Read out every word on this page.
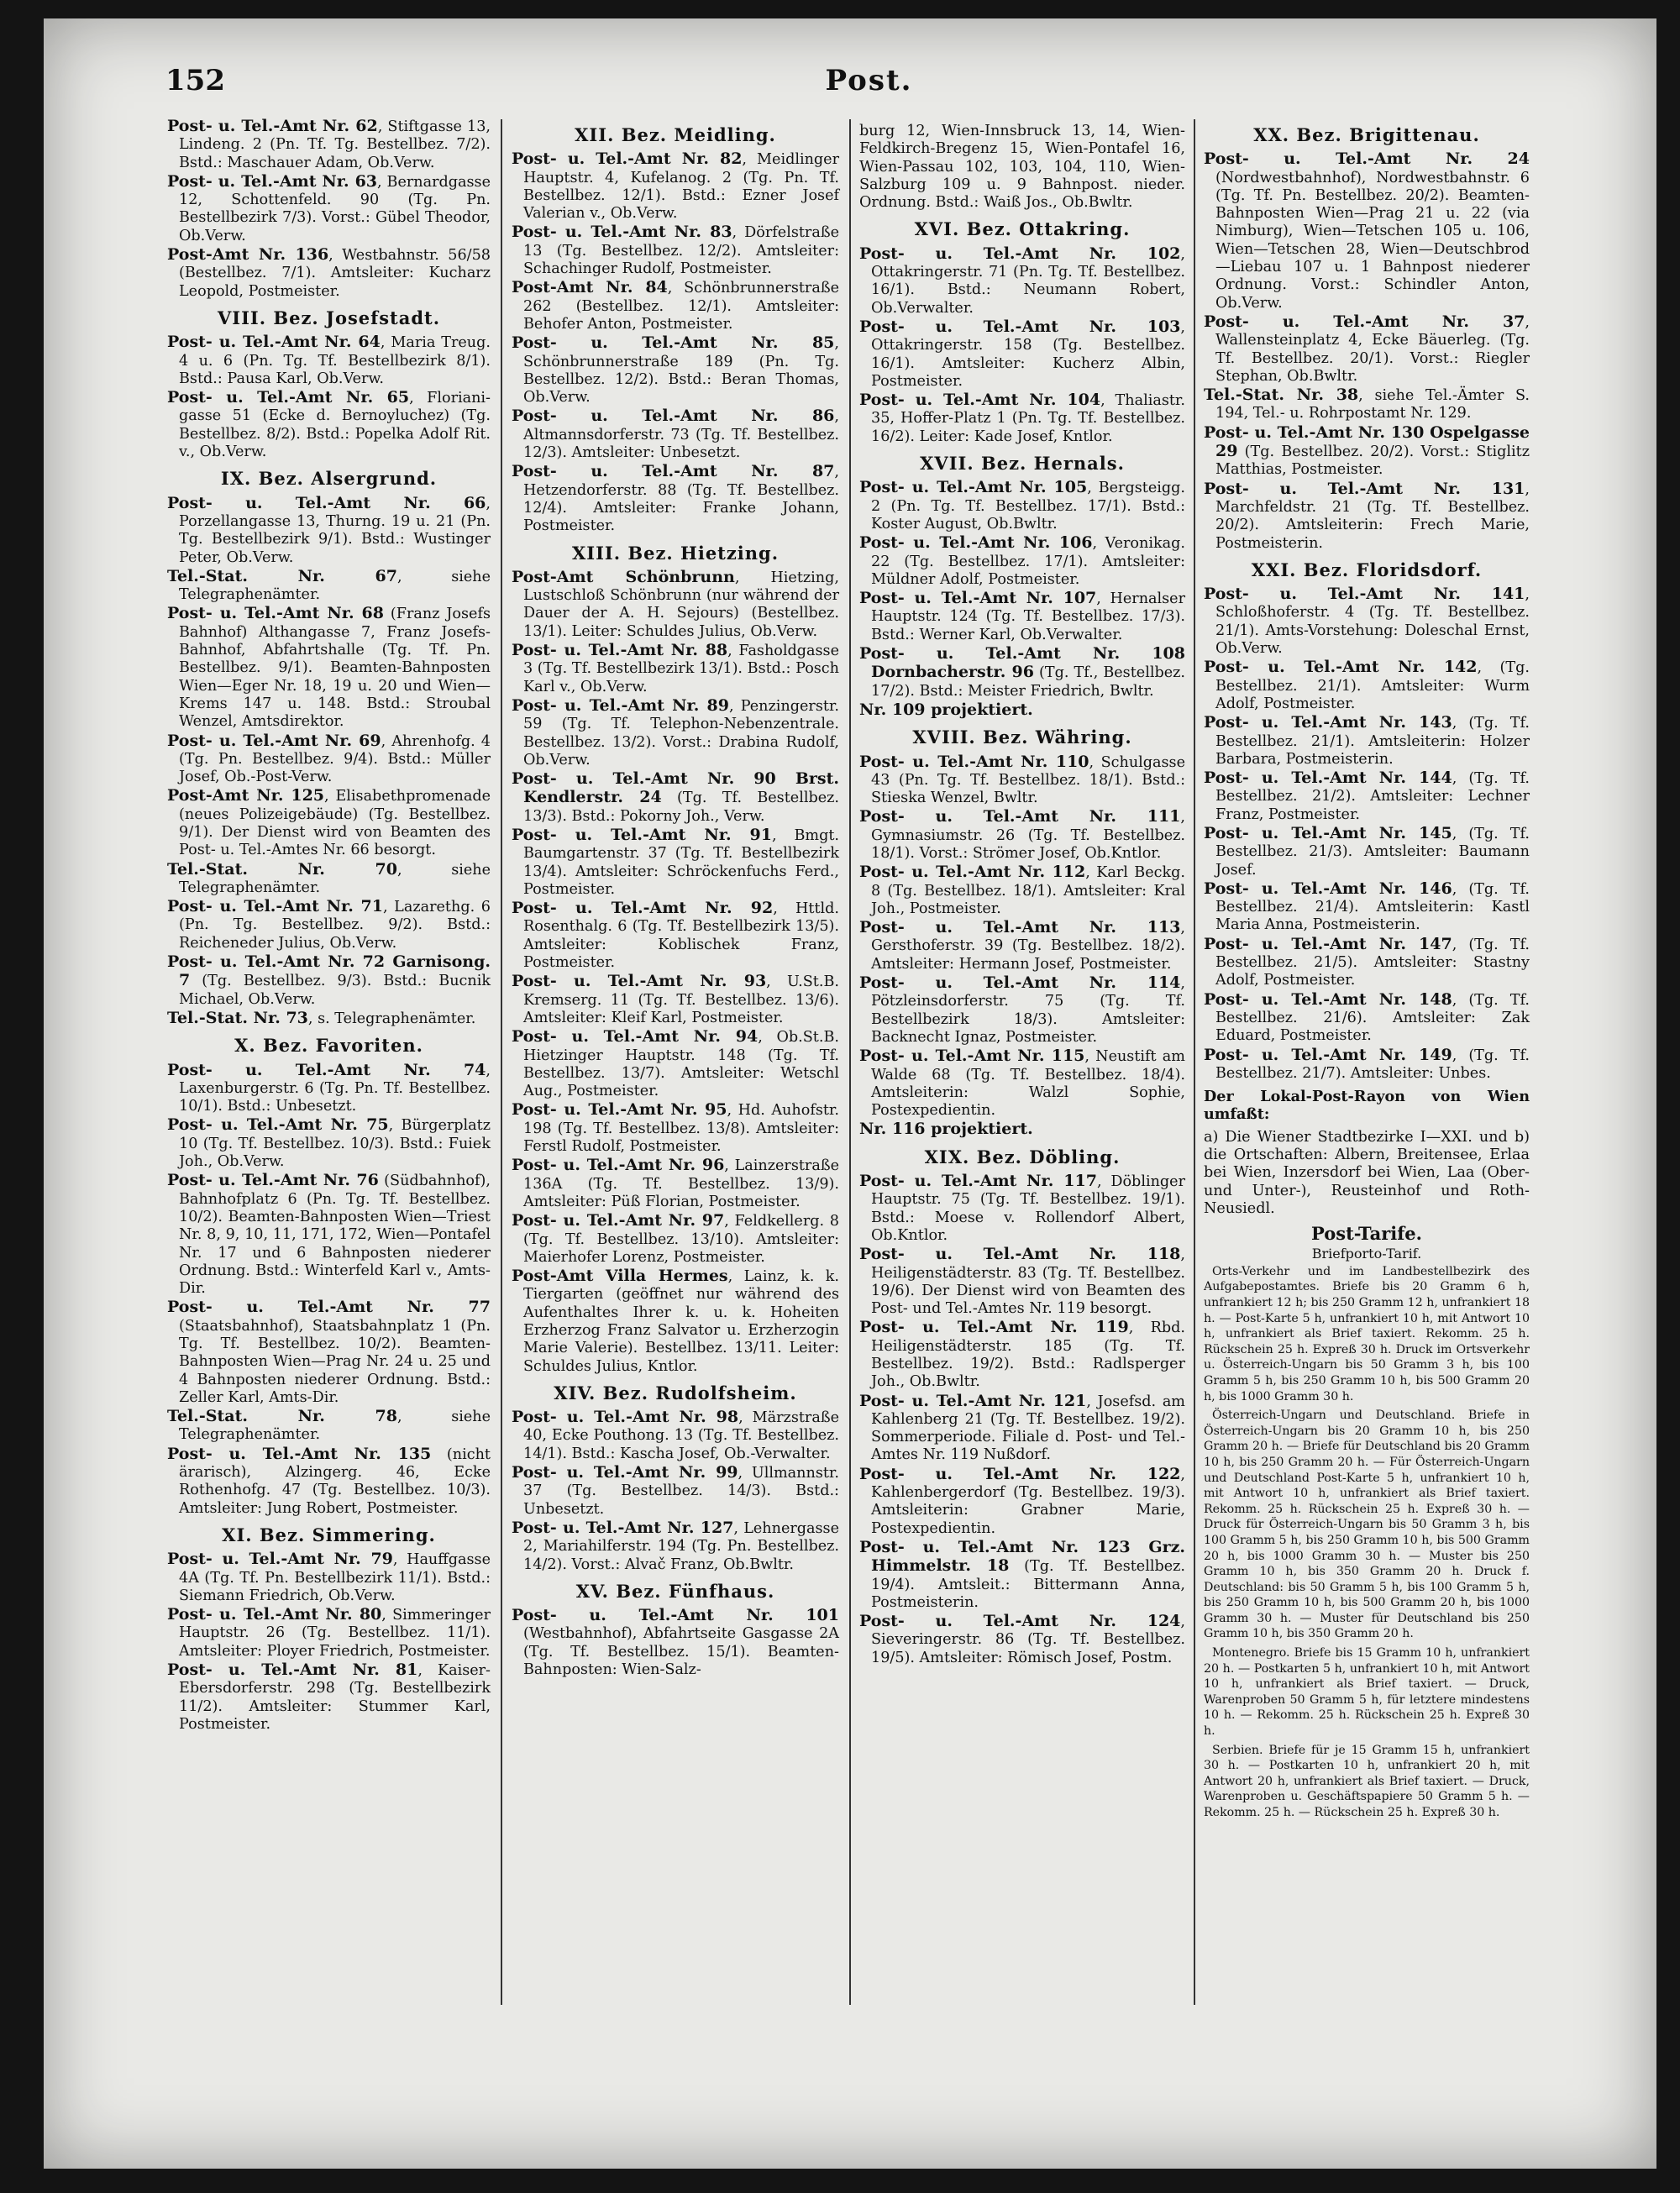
152	Post.
Post- u. Tel.-Amt Nr. 62, Stiftgasse 13, Lindeng. 2 (Pn. Tf. Tg. Bestellbez. 7/2). Bstd.: Maschauer Adam, Ob.Verw.
Post- u. Tel.-Amt Nr. 63, Bernardgasse 12, Schottenfeld. 90 (Tg. Pn. Bestellbezirk 7/3). Vorst.: Gübel Theodor, Ob.Verw.
Post-Amt Nr. 136, Westbahnstr. 56/58 (Bestellbez. 7/1). Amtsleiter: Kucharz Leopold, Postmeister.
VIII. Bez. Josefstadt.
Post- u. Tel.-Amt Nr. 64, Maria Treug. 4 u. 6 (Pn. Tg. Tf. Bestellbezirk 8/1). Bstd.: Pausa Karl, Ob.Verw.
Post- u. Tel.-Amt Nr. 65, Floriani-gasse 51 (Ecke d. Bernoyluchez) (Tg. Bestellbez. 8/2). Bstd.: Popelka Adolf Rit. v., Ob.Verw.
IX. Bez. Alsergrund.
Post- u. Tel.-Amt Nr. 66, Porzellangasse 13, Thurng. 19 u. 21 (Pn. Tg. Bestellbezirk 9/1). Bstd.: Wustinger Peter, Ob.Verw.
Tel.-Stat. Nr. 67, siehe Telegraphenämter.
Post- u. Tel.-Amt Nr. 68 (Franz Josefs Bahnhof) Althangasse 7, Franz Josefs-Bahnhof, Abfahrtshalle (Tg. Tf. Pn. Bestellbez. 9/1). Beamten-Bahnposten Wien—Eger Nr. 18, 19 u. 20 und Wien—Krems 147 u. 148. Bstd.: Stroubal Wenzel, Amtsdirektor.
Post- u. Tel.-Amt Nr. 69, Ahrenhofg. 4 (Tg. Pn. Bestellbez. 9/4). Bstd.: Müller Josef, Ob.-Post-Verw.
Post-Amt Nr. 125, Elisabethpromenade (neues Polizeigebäude) (Tg. Bestellbez. 9/1). Der Dienst wird von Beamten des Post- u. Tel.-Amtes Nr. 66 besorgt.
Tel.-Stat. Nr. 70, siehe Telegraphenämter.
Post- u. Tel.-Amt Nr. 71, Lazarethg. 6 (Pn. Tg. Bestellbez. 9/2). Bstd.: Reicheneder Julius, Ob.Verw.
Post- u. Tel.-Amt Nr. 72 Garnisong. 7 (Tg. Bestellbez. 9/3). Bstd.: Bucnik Michael, Ob.Verw.
Tel.-Stat. Nr. 73, s. Telegraphenämter.
X. Bez. Favoriten.
Post- u. Tel.-Amt Nr. 74, Laxenburgerstr. 6 (Tg. Pn. Tf. Bestellbez. 10/1). Bstd.: Unbesetzt.
Post- u. Tel.-Amt Nr. 75, Bürgerplatz 10 (Tg. Tf. Bestellbez. 10/3). Bstd.: Fuiek Joh., Ob.Verw.
Post- u. Tel.-Amt Nr. 76 (Südbahnhof), Bahnhofplatz 6 (Pn. Tg. Tf. Bestellbez. 10/2). Beamten-Bahnposten Wien—Triest Nr. 8, 9, 10, 11, 171, 172, Wien—Pontafel Nr. 17 und 6 Bahnposten niederer Ordnung. Bstd.: Winterfeld Karl v., Amts-Dir.
Post- u. Tel.-Amt Nr. 77 (Staatsbahnhof), Staatsbahnplatz 1 (Pn. Tg. Tf. Bestellbez. 10/2). Beamten-Bahnposten Wien—Prag Nr. 24 u. 25 und 4 Bahnposten niederer Ordnung. Bstd.: Zeller Karl, Amts-Dir.
Tel.-Stat. Nr. 78, siehe Telegraphenämter.
Post- u. Tel.-Amt Nr. 135 (nicht ärarisch), Alzingerg. 46, Ecke Rothenhofg. 47 (Tg. Bestellbez. 10/3). Amtsleiter: Jung Robert, Postmeister.
XI. Bez. Simmering.
Post- u. Tel.-Amt Nr. 79, Hauffgasse 4A (Tg. Tf. Pn. Bestellbezirk 11/1). Bstd.: Siemann Friedrich, Ob.Verw.
Post- u. Tel.-Amt Nr. 80, Simmeringer Hauptstr. 26 (Tg. Bestellbez. 11/1). Amtsleiter: Ployer Friedrich, Postmeister.
Post- u. Tel.-Amt Nr. 81, Kaiser-Ebersdorferstr. 298 (Tg. Bestellbezirk 11/2). Amtsleiter: Stummer Karl, Postmeister.
XII. Bez. Meidling.
Post- u. Tel.-Amt Nr. 82, Meidlinger Hauptstr. 4, Kufelanog. 2 (Tg. Pn. Tf. Bestellbez. 12/1). Bstd.: Ezner Josef Valerian v., Ob.Verw.
Post- u. Tel.-Amt Nr. 83, Dörfelstraße 13 (Tg. Bestellbez. 12/2). Amtsleiter: Schachinger Rudolf, Postmeister.
Post-Amt Nr. 84, Schönbrunnerstraße 262 (Bestellbez. 12/1). Amtsleiter: Behofer Anton, Postmeister.
Post- u. Tel.-Amt Nr. 85, Schönbrunnerstraße 189 (Pn. Tg. Bestellbez. 12/2). Bstd.: Beran Thomas, Ob.Verw.
Post- u. Tel.-Amt Nr. 86, Altmannsdorferstr. 73 (Tg. Tf. Bestellbez. 12/3). Amtsleiter: Unbesetzt.
Post- u. Tel.-Amt Nr. 87, Hetzendorferstr. 88 (Tg. Tf. Bestellbez. 12/4). Amtsleiter: Franke Johann, Postmeister.
XIII. Bez. Hietzing.
Post-Amt Schönbrunn, Hietzing, Lustschloß Schönbrunn (nur während der Dauer der A. H. Sejours) (Bestellbez. 13/1). Leiter: Schuldes Julius, Ob.Verw.
Post- u. Tel.-Amt Nr. 88, Fasholdgasse 3 (Tg. Tf. Bestellbezirk 13/1). Bstd.: Posch Karl v., Ob.Verw.
Post- u. Tel.-Amt Nr. 89, Penzingerstr. 59 (Tg. Tf. Telephon-Nebenzentrale. Bestellbez. 13/2). Vorst.: Drabina Rudolf, Ob.Verw.
Post- u. Tel.-Amt Nr. 90 Brst. Kendlerstr. 24 (Tg. Tf. Bestellbez. 13/3). Bstd.: Pokorny Joh., Verw.
Post- u. Tel.-Amt Nr. 91, Bmgt. Baumgartenstr. 37 (Tg. Tf. Bestellbezirk 13/4). Amtsleiter: Schröckenfuchs Ferd., Postmeister.
Post- u. Tel.-Amt Nr. 92, Httld. Rosenthalg. 6 (Tg. Tf. Bestellbezirk 13/5). Amtsleiter: Koblischek Franz, Postmeister.
Post- u. Tel.-Amt Nr. 93, U.St.B. Kremserg. 11 (Tg. Tf. Bestellbez. 13/6). Amtsleiter: Kleif Karl, Postmeister.
Post- u. Tel.-Amt Nr. 94, Ob.St.B. Hietzinger Hauptstr. 148 (Tg. Tf. Bestellbez. 13/7). Amtsleiter: Wetschl Aug., Postmeister.
Post- u. Tel.-Amt Nr. 95, Hd. Auhofstr. 198 (Tg. Tf. Bestellbez. 13/8). Amtsleiter: Ferstl Rudolf, Postmeister.
Post- u. Tel.-Amt Nr. 96, Lainzerstraße 136A (Tg. Tf. Bestellbez. 13/9). Amtsleiter: Püß Florian, Postmeister.
Post- u. Tel.-Amt Nr. 97, Feldkellerg. 8 (Tg. Tf. Bestellbez. 13/10). Amtsleiter: Maierhofer Lorenz, Postmeister.
Post-Amt Villa Hermes, Lainz, k. k. Tiergarten (geöffnet nur während des Aufenthaltes Ihrer k. u. k. Hoheiten Erzherzog Franz Salvator u. Erzherzogin Marie Valerie). Bestellbez. 13/11. Leiter: Schuldes Julius, Kntlor.
XIV. Bez. Rudolfsheim.
Post- u. Tel.-Amt Nr. 98, Märzstraße 40, Ecke Pouthong. 13 (Tg. Tf. Bestellbez. 14/1). Bstd.: Kascha Josef, Ob.-Verwalter.
Post- u. Tel.-Amt Nr. 99, Ullmannstr. 37 (Tg. Bestellbez. 14/3). Bstd.: Unbesetzt.
Post- u. Tel.-Amt Nr. 127, Lehnergasse 2, Mariahilferstr. 194 (Tg. Pn. Bestellbez. 14/2). Vorst.: Alvač Franz, Ob.Bwltr.
XV. Bez. Fünfhaus.
Post- u. Tel.-Amt Nr. 101 (Westbahnhof), Abfahrtseite Gasgasse 2A (Tg. Tf. Bestellbez. 15/1). Beamten-Bahnposten: Wien-Salz-
burg 12, Wien-Innsbruck 13, 14, Wien-Feldkirch-Bregenz 15, Wien-Pontafel 16, Wien-Passau 102, 103, 104, 110, Wien-Salzburg 109 u. 9 Bahnpost. nieder. Ordnung. Bstd.: Waiß Jos., Ob.Bwltr.
XVI. Bez. Ottakring.
Post- u. Tel.-Amt Nr. 102, Ottakringerstr. 71 (Pn. Tg. Tf. Bestellbez. 16/1). Bstd.: Neumann Robert, Ob.Verwalter.
Post- u. Tel.-Amt Nr. 103, Ottakringerstr. 158 (Tg. Bestellbez. 16/1). Amtsleiter: Kucherz Albin, Postmeister.
Post- u. Tel.-Amt Nr. 104, Thaliastr. 35, Hoffer-Platz 1 (Pn. Tg. Tf. Bestellbez. 16/2). Leiter: Kade Josef, Kntlor.
XVII. Bez. Hernals.
Post- u. Tel.-Amt Nr. 105, Bergsteigg. 2 (Pn. Tg. Tf. Bestellbez. 17/1). Bstd.: Koster August, Ob.Bwltr.
Post- u. Tel.-Amt Nr. 106, Veronikag. 22 (Tg. Bestellbez. 17/1). Amtsleiter: Müldner Adolf, Postmeister.
Post- u. Tel.-Amt Nr. 107, Hernalser Hauptstr. 124 (Tg. Tf. Bestellbez. 17/3). Bstd.: Werner Karl, Ob.Verwalter.
Post- u. Tel.-Amt Nr. 108 Dornbacherstr. 96 (Tg. Tf., Bestellbez. 17/2). Bstd.: Meister Friedrich, Bwltr.
Nr. 109 projektiert.
XVIII. Bez. Währing.
Post- u. Tel.-Amt Nr. 110, Schulgasse 43 (Pn. Tg. Tf. Bestellbez. 18/1). Bstd.: Stieska Wenzel, Bwltr.
Post- u. Tel.-Amt Nr. 111, Gymnasiumstr. 26 (Tg. Tf. Bestellbez. 18/1). Vorst.: Strömer Josef, Ob.Kntlor.
Post- u. Tel.-Amt Nr. 112, Karl Beckg. 8 (Tg. Bestellbez. 18/1). Amtsleiter: Kral Joh., Postmeister.
Post- u. Tel.-Amt Nr. 113, Gersthoferstr. 39 (Tg. Bestellbez. 18/2). Amtsleiter: Hermann Josef, Postmeister.
Post- u. Tel.-Amt Nr. 114, Pötzleinsdorferstr. 75 (Tg. Tf. Bestellbezirk 18/3). Amtsleiter: Backnecht Ignaz, Postmeister.
Post- u. Tel.-Amt Nr. 115, Neustift am Walde 68 (Tg. Tf. Bestellbez. 18/4). Amtsleiterin: Walzl Sophie, Postexpedientin.
Nr. 116 projektiert.
XIX. Bez. Döbling.
Post- u. Tel.-Amt Nr. 117, Döblinger Hauptstr. 75 (Tg. Tf. Bestellbez. 19/1). Bstd.: Moese v. Rollendorf Albert, Ob.Kntlor.
Post- u. Tel.-Amt Nr. 118, Heiligenstädterstr. 83 (Tg. Tf. Bestellbez. 19/6). Der Dienst wird von Beamten des Post- und Tel.-Amtes Nr. 119 besorgt.
Post- u. Tel.-Amt Nr. 119, Rbd. Heiligenstädterstr. 185 (Tg. Tf. Bestellbez. 19/2). Bstd.: Radlsperger Joh., Ob.Bwltr.
Post- u. Tel.-Amt Nr. 121, Josefsd. am Kahlenberg 21 (Tg. Tf. Bestellbez. 19/2). Sommerperiode. Filiale d. Post- und Tel.-Amtes Nr. 119 Nußdorf.
Post- u. Tel.-Amt Nr. 122, Kahlenbergerdorf (Tg. Bestellbez. 19/3). Amtsleiterin: Grabner Marie, Postexpedientin.
Post- u. Tel.-Amt Nr. 123 Grz. Himmelstr. 18 (Tg. Tf. Bestellbez. 19/4). Amtsleit.: Bittermann Anna, Postmeisterin.
Post- u. Tel.-Amt Nr. 124, Sieveringerstr. 86 (Tg. Tf. Bestellbez. 19/5). Amtsleiter: Römisch Josef, Postm.
XX. Bez. Brigittenau.
Post- u. Tel.-Amt Nr. 24 (Nordwestbahnhof), Nordwestbahnstr. 6 (Tg. Tf. Pn. Bestellbez. 20/2). Beamten-Bahnposten Wien—Prag 21 u. 22 (via Nimburg), Wien—Tetschen 105 u. 106, Wien—Tetschen 28, Wien—Deutschbrod—Liebau 107 u. 1 Bahnpost niederer Ordnung. Vorst.: Schindler Anton, Ob.Verw.
Post- u. Tel.-Amt Nr. 37, Wallensteinplatz 4, Ecke Bäuerleg. (Tg. Tf. Bestellbez. 20/1). Vorst.: Riegler Stephan, Ob.Bwltr.
Tel.-Stat. Nr. 38, siehe Tel.-Ämter S. 194, Tel.- u. Rohrpostamt Nr. 129.
Post- u. Tel.-Amt Nr. 130 Ospelgasse 29 (Tg. Bestellbez. 20/2). Vorst.: Stiglitz Matthias, Postmeister.
Post- u. Tel.-Amt Nr. 131, Marchfeldstr. 21 (Tg. Tf. Bestellbez. 20/2). Amtsleiterin: Frech Marie, Postmeisterin.
XXI. Bez. Floridsdorf.
Post- u. Tel.-Amt Nr. 141, Schloßhoferstr. 4 (Tg. Tf. Bestellbez. 21/1). Amts-Vorstehung: Doleschal Ernst, Ob.Verw.
Post- u. Tel.-Amt Nr. 142, (Tg. Bestellbez. 21/1). Amtsleiter: Wurm Adolf, Postmeister.
Post- u. Tel.-Amt Nr. 143, (Tg. Tf. Bestellbez. 21/1). Amtsleiterin: Holzer Barbara, Postmeisterin.
Post- u. Tel.-Amt Nr. 144, (Tg. Tf. Bestellbez. 21/2). Amtsleiter: Lechner Franz, Postmeister.
Post- u. Tel.-Amt Nr. 145, (Tg. Tf. Bestellbez. 21/3). Amtsleiter: Baumann Josef.
Post- u. Tel.-Amt Nr. 146, (Tg. Tf. Bestellbez. 21/4). Amtsleiterin: Kastl Maria Anna, Postmeisterin.
Post- u. Tel.-Amt Nr. 147, (Tg. Tf. Bestellbez. 21/5). Amtsleiter: Stastny Adolf, Postmeister.
Post- u. Tel.-Amt Nr. 148, (Tg. Tf. Bestellbez. 21/6). Amtsleiter: Zak Eduard, Postmeister.
Post- u. Tel.-Amt Nr. 149, (Tg. Tf. Bestellbez. 21/7). Amtsleiter: Unbes.
Der Lokal-Post-Rayon von Wien umfaßt:
a) Die Wiener Stadtbezirke I—XXI. und b) die Ortschaften: Albern, Breitensee, Erlaa bei Wien, Inzersdorf bei Wien, Laa (Ober- und Unter-), Reusteinhof und Roth-Neusiedl.
Post-Tarife.
Briefporto-Tarif.
Orts-Verkehr und im Landbestellbezirk des Aufgabepostamtes. Briefe bis 20 Gramm 6 h, unfrankiert 12 h; bis 250 Gramm 12 h, unfrankiert 18 h. — Post-Karte 5 h, unfrankiert 10 h, mit Antwort 10 h, unfrankiert als Brief taxiert. Rekomm. 25 h. Rückschein 25 h. Expreß 30 h. Druck im Ortsverkehr u. Österreich-Ungarn bis 50 Gramm 3 h, bis 100 Gramm 5 h, bis 250 Gramm 10 h, bis 500 Gramm 20 h, bis 1000 Gramm 30 h.
Österreich-Ungarn und Deutschland. Briefe in Österreich-Ungarn bis 20 Gramm 10 h, bis 250 Gramm 20 h. — Briefe für Deutschland bis 20 Gramm 10 h, bis 250 Gramm 20 h. — Für Österreich-Ungarn und Deutschland Post-Karte 5 h, unfrankiert 10 h, mit Antwort 10 h, unfrankiert als Brief taxiert. Rekomm. 25 h. Rückschein 25 h. Expreß 30 h. — Druck für Österreich-Ungarn bis 50 Gramm 3 h, bis 100 Gramm 5 h, bis 250 Gramm 10 h, bis 500 Gramm 20 h, bis 1000 Gramm 30 h. — Muster bis 250 Gramm 10 h, bis 350 Gramm 20 h. Druck f. Deutschland: bis 50 Gramm 5 h, bis 100 Gramm 5 h, bis 250 Gramm 10 h, bis 500 Gramm 20 h, bis 1000 Gramm 30 h. — Muster für Deutschland bis 250 Gramm 10 h, bis 350 Gramm 20 h.
Montenegro. Briefe bis 15 Gramm 10 h, unfrankiert 20 h. — Postkarten 5 h, unfrankiert 10 h, mit Antwort 10 h, unfrankiert als Brief taxiert. — Druck, Warenproben 50 Gramm 5 h, für letztere mindestens 10 h. — Rekomm. 25 h. Rückschein 25 h. Expreß 30 h.
Serbien. Briefe für je 15 Gramm 15 h, unfrankiert 30 h. — Postkarten 10 h, unfrankiert 20 h, mit Antwort 20 h, unfrankiert als Brief taxiert. — Druck, Warenproben u. Geschäftspapiere 50 Gramm 5 h. — Rekomm. 25 h. — Rückschein 25 h. Expreß 30 h.
